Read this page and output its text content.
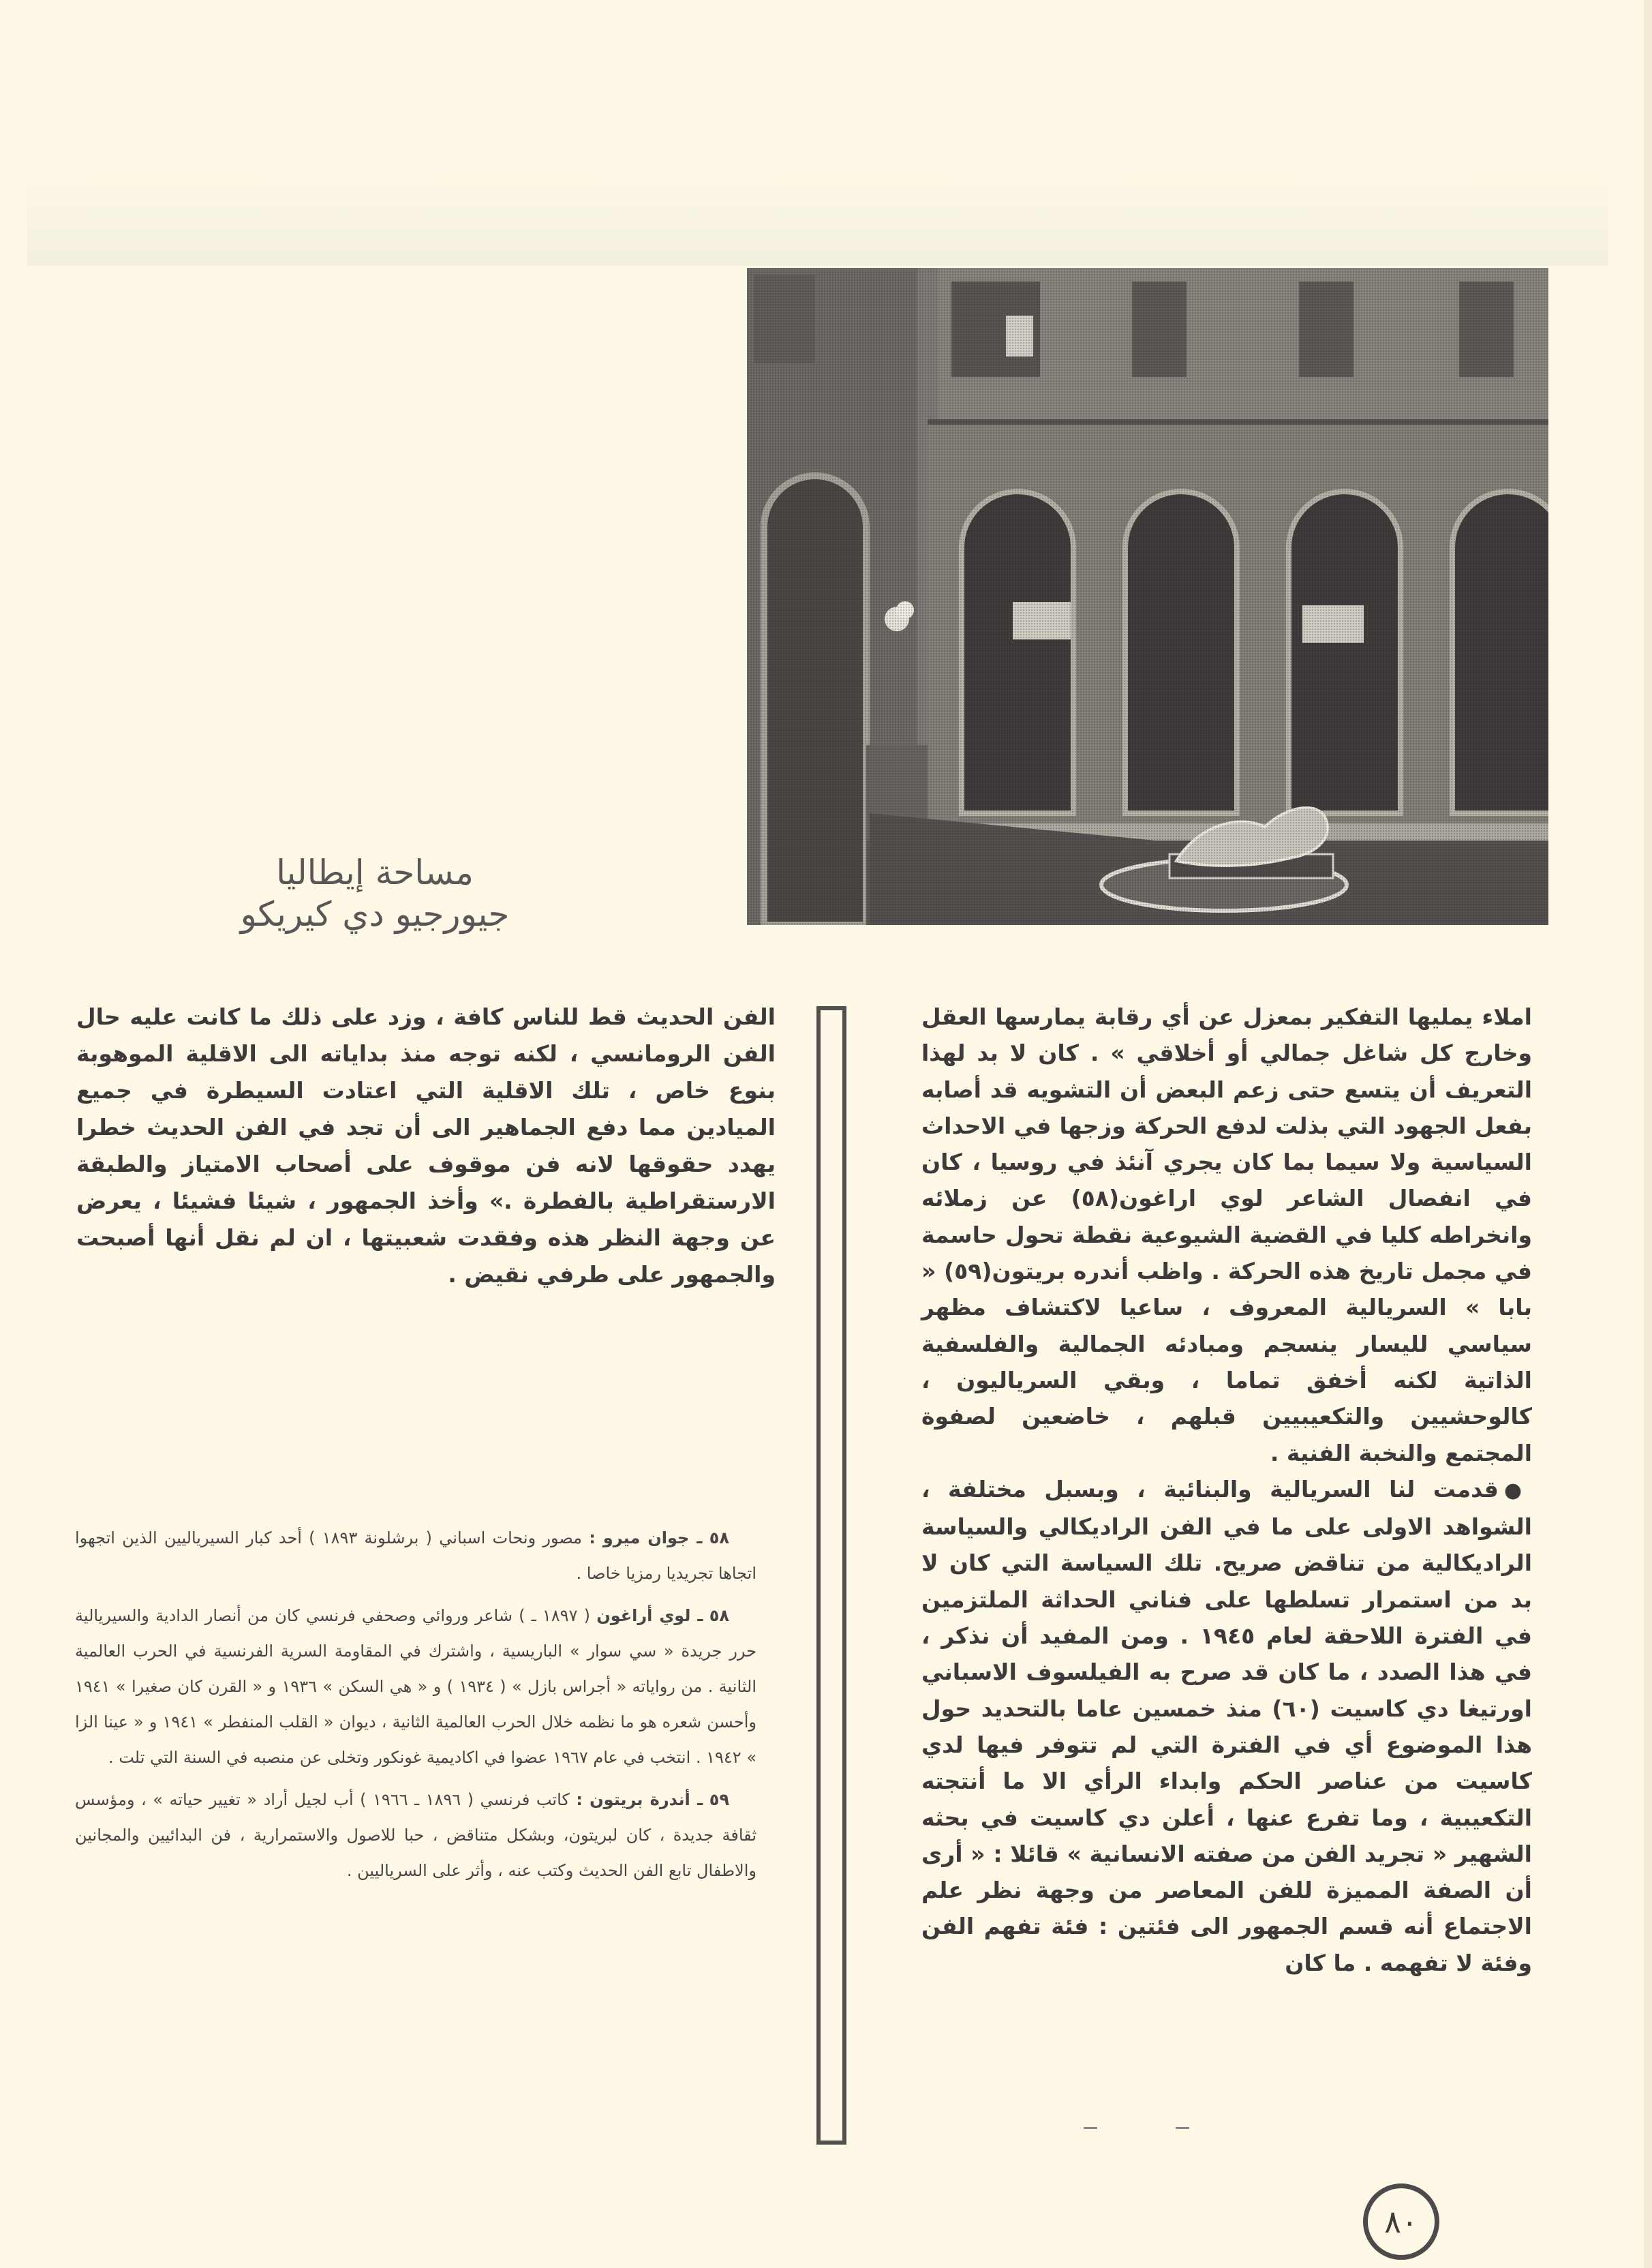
مساحة إيطاليا
جيورجيو دي كيريكو

املاء يمليها التفكير بمعزل عن أي رقابة يمارسها العقل وخارج كل شاغل جمالي أو أخلاقي » . كان لا بد لهذا التعريف أن يتسع حتى زعم البعض أن التشويه قد أصابه بفعل الجهود التي بذلت لدفع الحركة وزجها في الاحداث السياسية ولا سيما بما كان يجري آنئذ في روسيا ، كان في انفصال الشاعر لوي اراغون(٥٨) عن زملائه وانخراطه كليا في القضية الشيوعية نقطة تحول حاسمة في مجمل تاريخ هذه الحركة . واظب أندره بريتون(٥٩) « بابا » السريالية المعروف ، ساعيا لاكتشاف مظهر سياسي لليسار ينسجم ومبادئه الجمالية والفلسفية الذاتية لكنه أخفق تماما ، وبقي السرياليون ، كالوحشيين والتكعيبيين قبلهم ، خاضعين لصفوة المجتمع والنخبة الفنية .

●قدمت لنا السريالية والبنائية ، وبسبل مختلفة ، الشواهد الاولى على ما في الفن الراديكالي والسياسة الراديكالية من تناقض صريح. تلك السياسة التي كان لا بد من استمرار تسلطها على فناني الحداثة الملتزمين في الفترة اللاحقة لعام ١٩٤٥ . ومن المفيد أن نذكر ، في هذا الصدد ، ما كان قد صرح به الفيلسوف الاسباني اورتيغا دي كاسيت (٦٠) منذ خمسين عاما بالتحديد حول هذا الموضوع أي في الفترة التي لم تتوفر فيها لدي كاسيت من عناصر الحكم وابداء الرأي الا ما أنتجته التكعيبية ، وما تفرع عنها ، أعلن دي كاسيت في بحثه الشهير « تجريد الفن من صفته الانسانية » قائلا : « أرى أن الصفة المميزة للفن المعاصر من وجهة نظر علم الاجتماع أنه قسم الجمهور الى فئتين : فئة تفهم الفن وفئة لا تفهمه . ما كان

الفن الحديث قط للناس كافة ، وزد على ذلك ما كانت عليه حال الفن الرومانسي ، لكنه توجه منذ بداياته الى الاقلية الموهوبة بنوع خاص ، تلك الاقلية التي اعتادت السيطرة في جميع الميادين مما دفع الجماهير الى أن تجد في الفن الحديث خطرا يهدد حقوقها لانه فن موقوف على أصحاب الامتياز والطبقة الارستقراطية بالفطرة .» وأخذ الجمهور ، شيئا فشيئا ، يعرض عن وجهة النظر هذه وفقدت شعبيتها ، ان لم نقل أنها أصبحت والجمهور على طرفي نقيض .

٥٨ ـ جوان ميرو : مصور ونحات اسباني ( برشلونة ١٨٩٣ ) أحد كبار السيرياليين الذين اتجهوا اتجاها تجريديا رمزيا خاصا .

٥٨ ـ لوي أراغون ( ١٨٩٧ ـ ) شاعر وروائي وصحفي فرنسي كان من أنصار الدادية والسيريالية حرر جريدة « سي سوار » الباريسية ، واشترك في المقاومة السرية الفرنسية في الحرب العالمية الثانية . من رواياته « أجراس بازل » ( ١٩٣٤ ) و « هي السكن » ١٩٣٦ و « القرن كان صغيرا » ١٩٤١ وأحسن شعره هو ما نظمه خلال الحرب العالمية الثانية ، ديوان « القلب المنفطر » ١٩٤١ و « عينا الزا » ١٩٤٢ . انتخب في عام ١٩٦٧ عضوا في اكاديمية غونكور وتخلى عن منصبه في السنة التي تلت .

٥٩ ـ أندرة بريتون : كاتب فرنسي ( ١٨٩٦ ـ ١٩٦٦ ) أب لجيل أراد « تغيير حياته » ، ومؤسس ثقافة جديدة ، كان لبريتون، وبشكل متناقض ، حبا للاصول والاستمرارية ، فن البدائيين والمجانين والاطفال تابع الفن الحديث وكتب عنه ، وأثر على السرياليين .

٨٠
